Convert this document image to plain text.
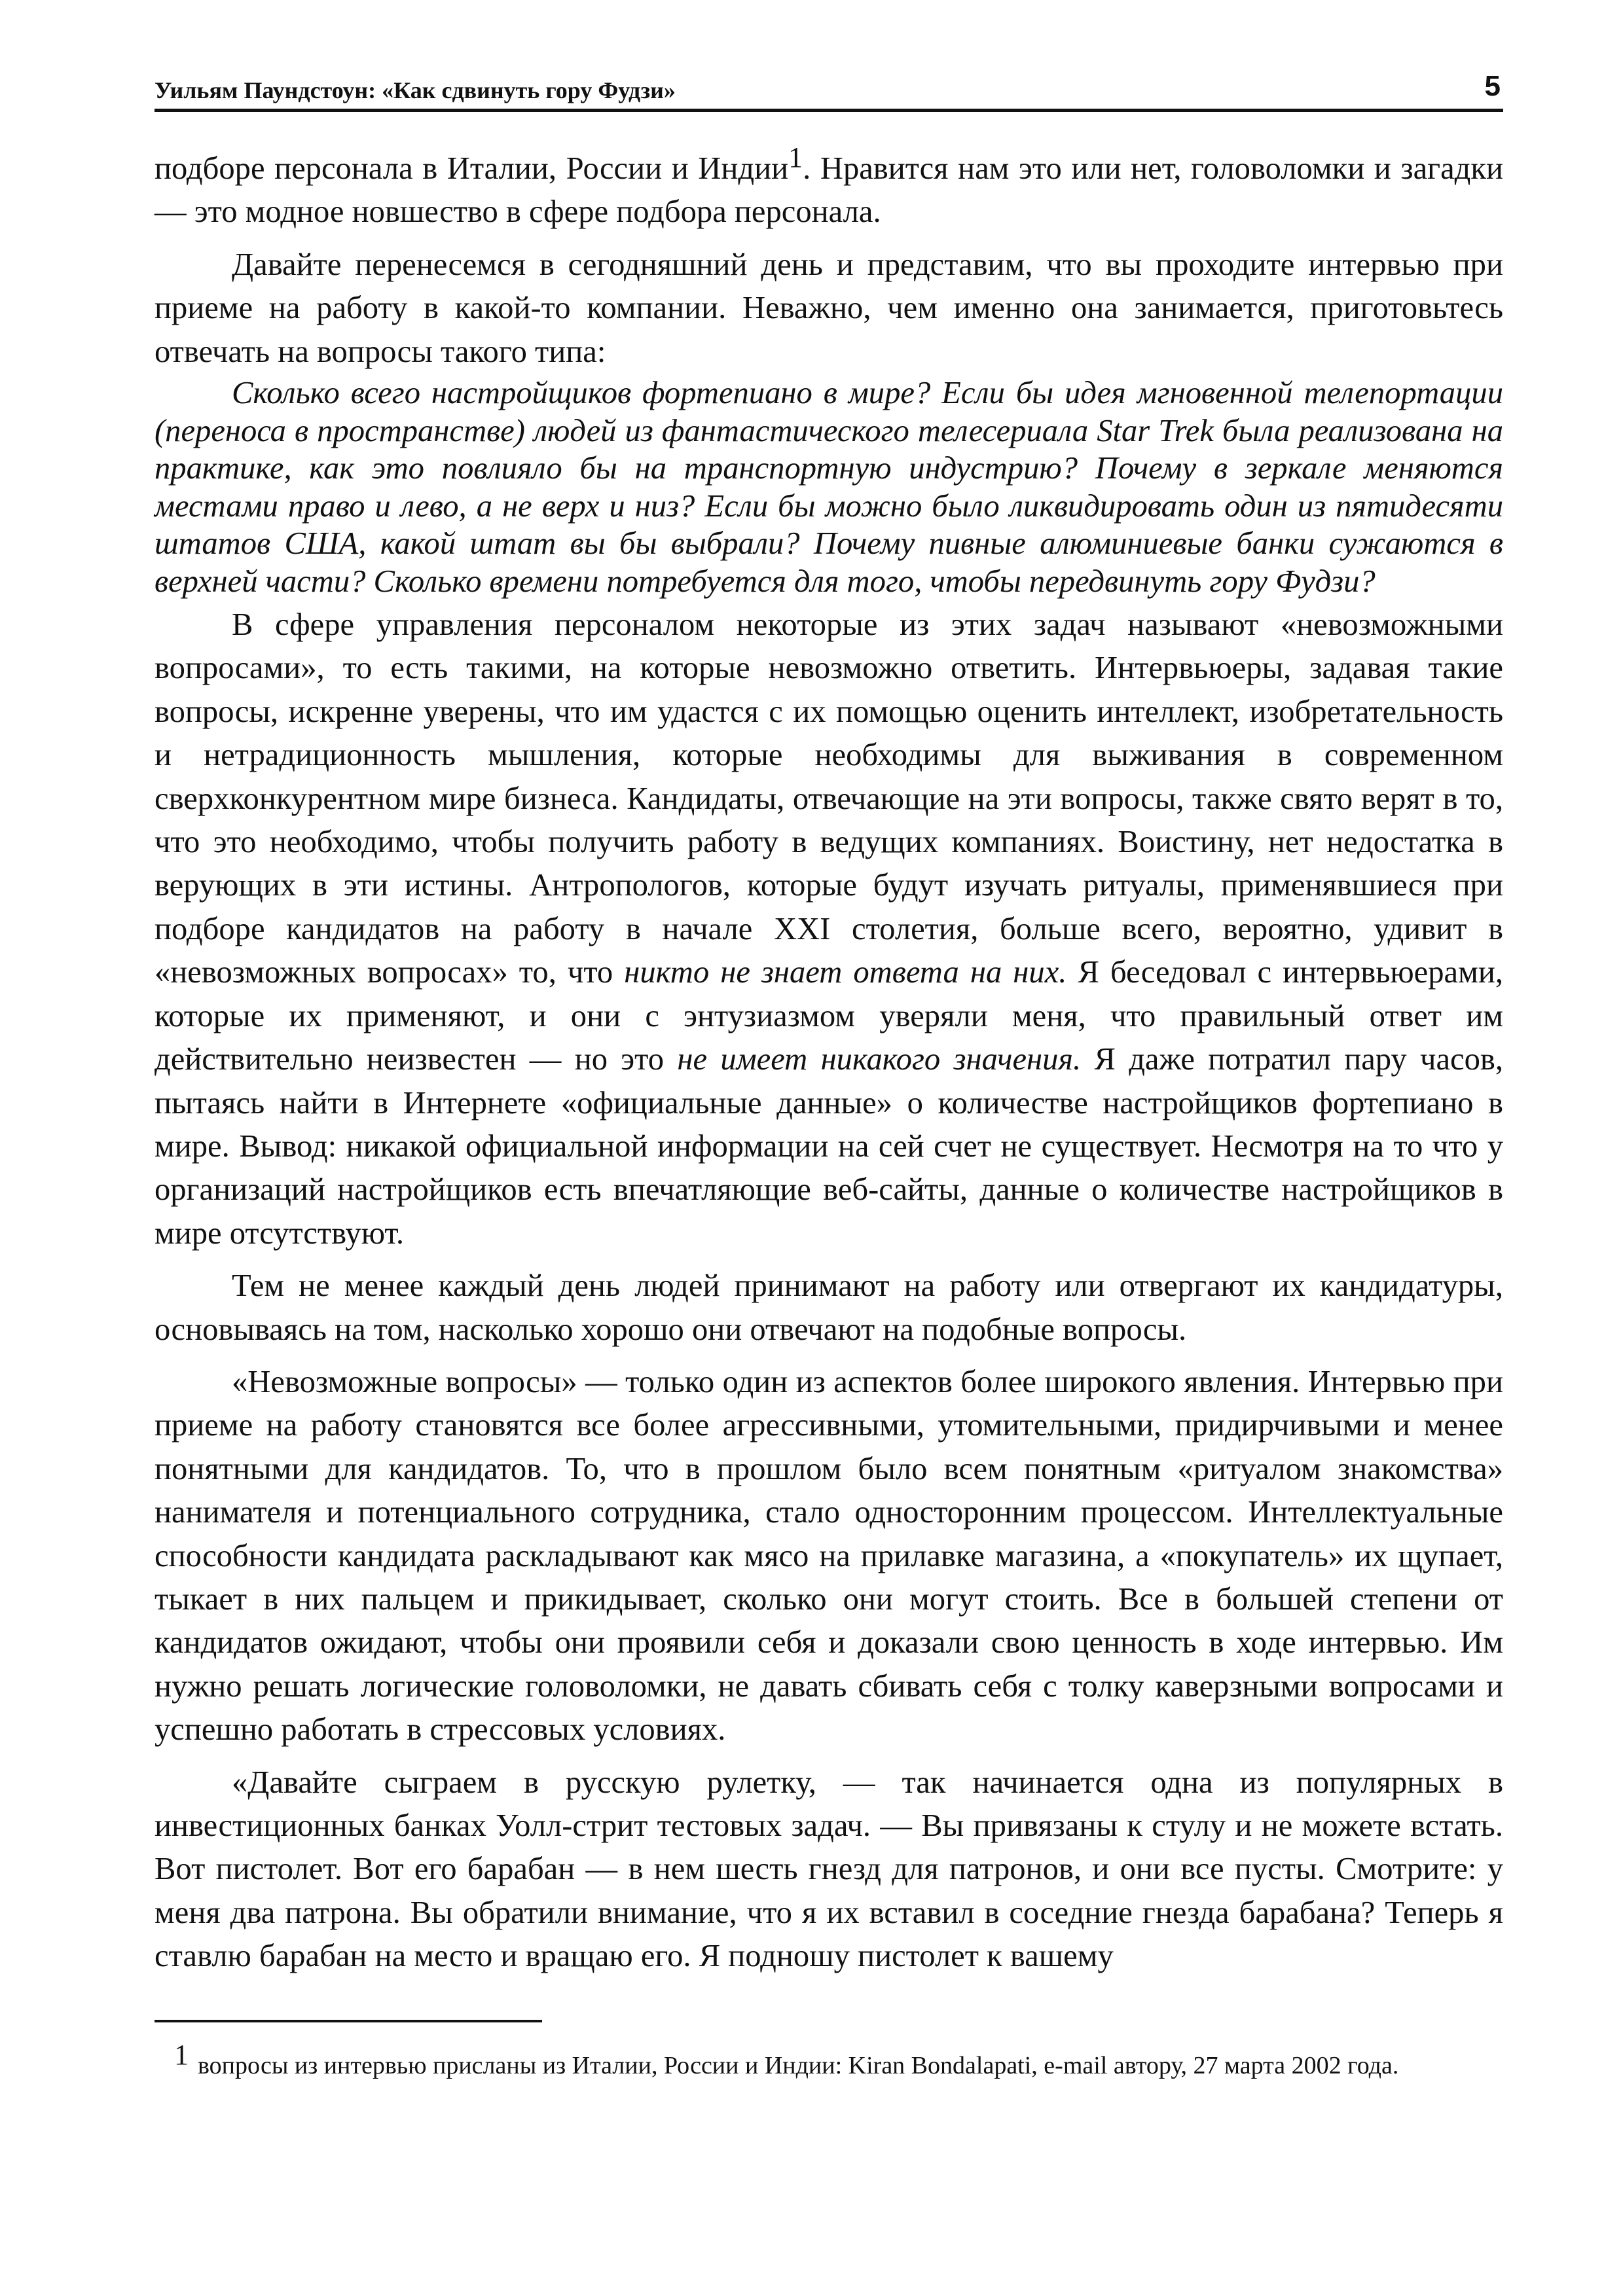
Уильям Паундстоун: «Как сдвинуть гору Фудзи»	5

подборе персонала в Италии, России и Индии$^1$. Нравится нам это или нет, головоломки и загадки — это модное новшество в сфере подбора персонала.

Давайте перенесемся в сегодняшний день и представим, что вы проходите интервью при приеме на работу в какой-то компании. Неважно, чем именно она занимается, приготовьтесь отвечать на вопросы такого типа:

Сколько всего настройщиков фортепиано в мире? Если бы идея мгновенной телепортации (переноса в пространстве) людей из фантастического телесериала Star Trek была реализована на практике, как это повлияло бы на транспортную индустрию? Почему в зеркале меняются местами право и лево, а не верх и низ? Если бы можно было ликвидировать один из пятидесяти штатов США, какой штат вы бы выбрали? Почему пивные алюминиевые банки сужаются в верхней части? Сколько времени потребуется для того, чтобы передвинуть гору Фудзи?

В сфере управления персоналом некоторые из этих задач называют «невозможными вопросами», то есть такими, на которые невозможно ответить. Интервьюеры, задавая такие вопросы, искренне уверены, что им удастся с их помощью оценить интеллект, изобретательность и нетрадиционность мышления, которые необходимы для выживания в современном сверхконкурентном мире бизнеса. Кандидаты, отвечающие на эти вопросы, также свято верят в то, что это необходимо, чтобы получить работу в ведущих компаниях. Воистину, нет недостатка в верующих в эти истины. Антропологов, которые будут изучать ритуалы, применявшиеся при подборе кандидатов на работу в начале XXI столетия, больше всего, вероятно, удивит в «невозможных вопросах» то, что никто не знает ответа на них. Я беседовал с интервьюерами, которые их применяют, и они с энтузиазмом уверяли меня, что правильный ответ им действительно неизвестен — но это не имеет никакого значения. Я даже потратил пару часов, пытаясь найти в Интернете «официальные данные» о количестве настройщиков фортепиано в мире. Вывод: никакой официальной информации на сей счет не существует. Несмотря на то что у организаций настройщиков есть впечатляющие веб-сайты, данные о количестве настройщиков в мире отсутствуют.

Тем не менее каждый день людей принимают на работу или отвергают их кандидатуры, основываясь на том, насколько хорошо они отвечают на подобные вопросы.

«Невозможные вопросы» — только один из аспектов более широкого явления. Интервью при приеме на работу становятся все более агрессивными, утомительными, придирчивыми и менее понятными для кандидатов. То, что в прошлом было всем понятным «ритуалом знакомства» нанимателя и потенциального сотрудника, стало односторонним процессом. Интеллектуальные способности кандидата раскладывают как мясо на прилавке магазина, а «покупатель» их щупает, тыкает в них пальцем и прикидывает, сколько они могут стоить. Все в большей степени от кандидатов ожидают, чтобы они проявили себя и доказали свою ценность в ходе интервью. Им нужно решать логические головоломки, не давать сбивать себя с толку каверзными вопросами и успешно работать в стрессовых условиях.

«Давайте сыграем в русскую рулетку, — так начинается одна из популярных в инвестиционных банках Уолл-стрит тестовых задач. — Вы привязаны к стулу и не можете встать. Вот пистолет. Вот его барабан — в нем шесть гнезд для патронов, и они все пусты. Смотрите: у меня два патрона. Вы обратили внимание, что я их вставил в соседние гнезда барабана? Теперь я ставлю барабан на место и вращаю его. Я подношу пистолет к вашему

1 вопросы из интервью присланы из Италии, России и Индии: Kiran Bondalapati, e-mail автору, 27 марта 2002 года.
